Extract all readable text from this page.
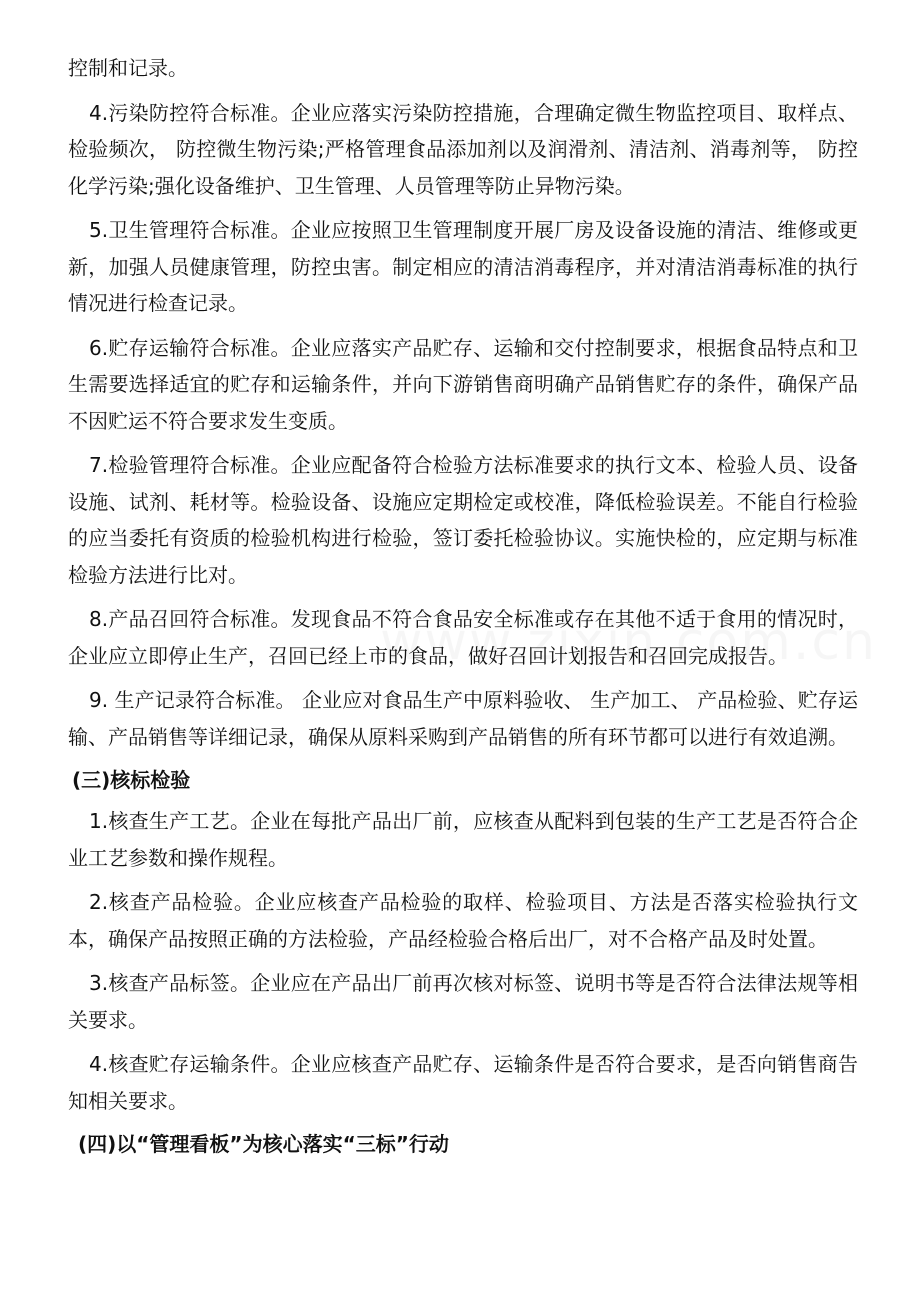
控制和记录。

4.污染防控符合标准。企业应落实污染防控措施，合理确定微生物监控项目、取样点、检验频次， 防控微生物污染;严格管理食品添加剂以及润滑剂、清洁剂、消毒剂等， 防控化学污染;强化设备维护、卫生管理、人员管理等防止异物污染。

5.卫生管理符合标准。企业应按照卫生管理制度开展厂房及设备设施的清洁、维修或更新，加强人员健康管理，防控虫害。制定相应的清洁消毒程序，并对清洁消毒标准的执行情况进行检查记录。

6.贮存运输符合标准。企业应落实产品贮存、运输和交付控制要求，根据食品特点和卫生需要选择适宜的贮存和运输条件，并向下游销售商明确产品销售贮存的条件，确保产品不因贮运不符合要求发生变质。

7.检验管理符合标准。企业应配备符合检验方法标准要求的执行文本、检验人员、设备设施、试剂、耗材等。检验设备、设施应定期检定或校准，降低检验误差。不能自行检验的应当委托有资质的检验机构进行检验，签订委托检验协议。实施快检的，应定期与标准检验方法进行比对。

8.产品召回符合标准。发现食品不符合食品安全标准或存在其他不适于食用的情况时，企业应立即停止生产，召回已经上市的食品，做好召回计划报告和召回完成报告。

9. 生产记录符合标准。 企业应对食品生产中原料验收、 生产加工、 产品检验、贮存运输、产品销售等详细记录，确保从原料采购到产品销售的所有环节都可以进行有效追溯。

(三)核标检验

1.核查生产工艺。企业在每批产品出厂前，应核查从配料到包装的生产工艺是否符合企业工艺参数和操作规程。

2.核查产品检验。企业应核查产品检验的取样、检验项目、方法是否落实检验执行文本，确保产品按照正确的方法检验，产品经检验合格后出厂，对不合格产品及时处置。

3.核查产品标签。企业应在产品出厂前再次核对标签、说明书等是否符合法律法规等相关要求。

4.核查贮存运输条件。企业应核查产品贮存、运输条件是否符合要求，是否向销售商告知相关要求。

(四)以“管理看板”为核心落实“三标”行动
